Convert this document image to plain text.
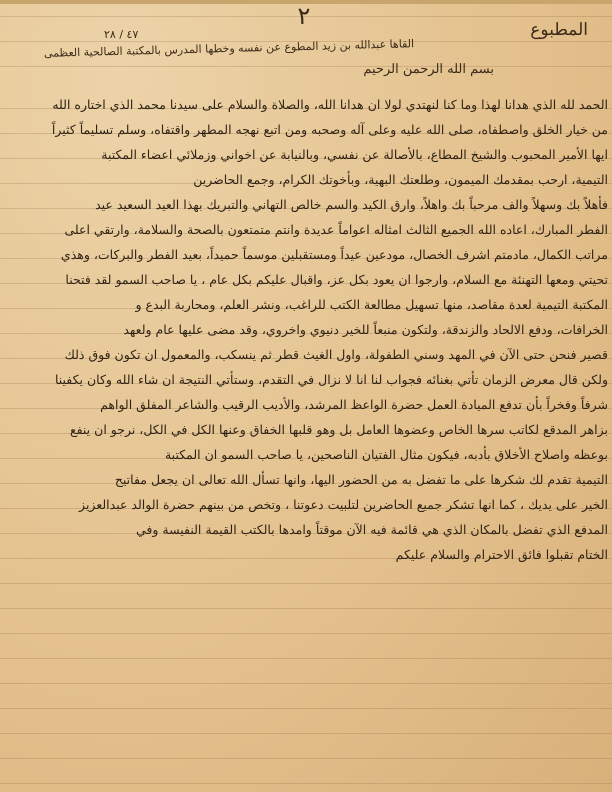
٢	المطبوع
٤٧ / ٢٨
القاها عبدالله بن زيد المطوع عن نفسه وخطها المدرس بالمكتبة الصالحية العظمى
بسم الله الرحمن الرحيم
الحمد لله الذي هدانا لهذا وما كنا لنهتدي لولا ان هدانا الله، والصلاة والسلام على سيدنا محمد الذي اختاره الله
من خيار الخلق واصطفاه، صلى الله عليه وعلى آله وصحبه ومن اتبع نهجه المطهر واقتفاه، وسلم تسليماً كثيراً
ايها الأمير المحبوب والشيخ المطاع، بالأصالة عن نفسي، وبالنيابة عن اخواني وزملائي اعضاء المكتبة
التيمية، ارحب بمقدمك الميمون، وطلعتك البهية، وبأخوتك الكرام، وجمع الحاضرين
فأهلاً بك وسهلاً والف مرحباً بك واهلاً، وارق الكيد والسم خالص التهاني والتبريك بهذا العيد السعيد عيد
الفطر المبارك، اعاده الله الجميع الثالث امثاله اعواماً عديدة وانتم متمتعون بالصحة والسلامة، وارتقي اعلى
مراتب الكمال، مادمتم اشرف الخصال، مودعين عيداً ومستقبلين موسماً حميداً، بعيد الفطر والبركات، وهذي
تحيتي ومعها التهنئة مع السلام، وارجوا ان يعود بكل عز، واقبال عليكم بكل عام ، يا صاحب السمو لقد فتحنا
المكتبة التيمية لعدة مقاصد، منها تسهيل مطالعة الكتب للراغب، ونشر العلم، ومحاربة البدع و
الخرافات، ودفع الالحاد والزندقة، ولتكون منبعاً للخير دنيوي واخروي، وقد مضى عليها عام ولعهد
قصير فنحن حتى الآن في المهد وسني الطفولة، واول الغيث قطر ثم ينسكب، والمعمول ان تكون فوق ذلك
ولكن قال معرض الزمان تأتي بغنائه فجواب لنا انا لا نزال في التقدم، وستأتي النتيجة ان شاء الله وكان يكفينا
شرفاً وفخراً بأن تدفع الميادة العمل حضرة الواعظ المرشد، والأديب الرقيب والشاعر المفلق الواهم
بزاهر المدقع لكاتب سرها الخاص وعضوها العامل بل وهو قلبها الخفاق وعنها الكل في الكل، نرجو ان ينفع
بوعظه واصلاح الأخلاق بأدبه، فيكون مثال الفتيان الناصحين، يا صاحب السمو ان المكتبة
التيمية تقدم لك شكرها على ما تفضل به من الحضور اليها، وانها تسأل الله تعالى ان يجعل مفاتيح
الخير على يديك ، كما انها تشكر جميع الحاضرين لتلبيت دعوتنا ، وتخص من بينهم حضرة الوالد عبدالعزيز
المدفع الذي تفضل بالمكان الذي هي قائمة فيه الآن موقتاً وامدها بالكتب القيمة النفيسة وفي
الختام تقبلوا فائق الاحترام والسلام عليكم
